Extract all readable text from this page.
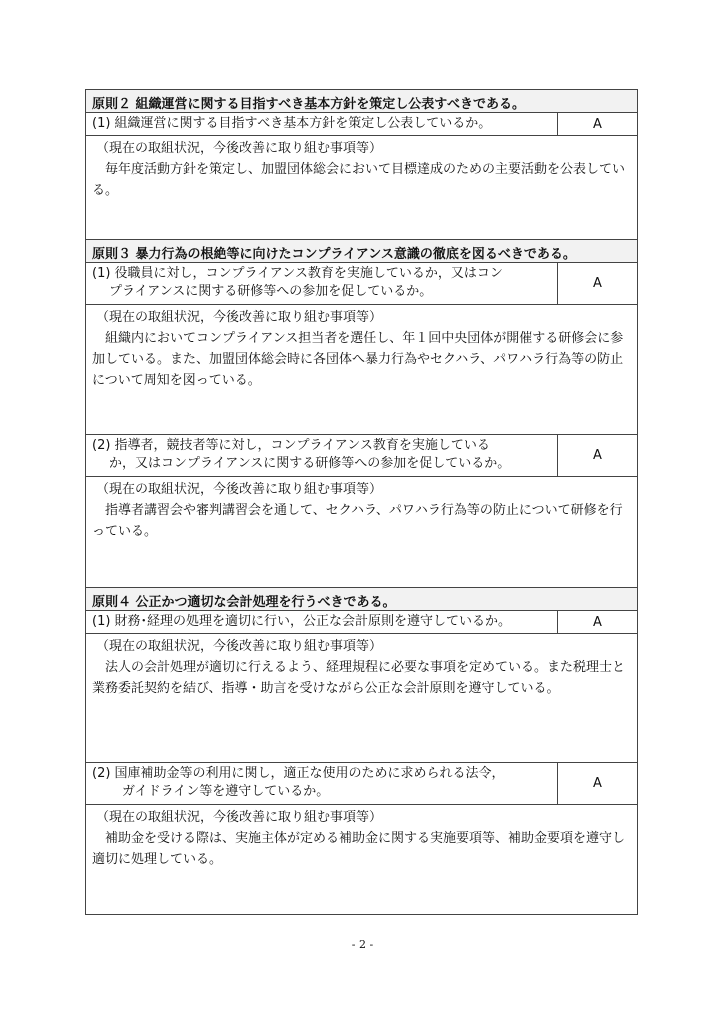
原則２ 組織運営に関する目指すべき基本方針を策定し公表すべきである。
(1) 組織運営に関する目指すべき基本方針を策定し公表しているか。	A
（現在の取組状況，今後改善に取り組む事項等）
毎年度活動方針を策定し、加盟団体総会において目標達成のための主要活動を公表している。
原則３ 暴力行為の根絶等に向けたコンプライアンス意識の徹底を図るべきである。
(1) 役職員に対し，コンプライアンス教育を実施しているか，又はコン
プライアンスに関する研修等への参加を促しているか。
A
（現在の取組状況，今後改善に取り組む事項等）
組織内においてコンプライアンス担当者を選任し、年１回中央団体が開催する研修会に参加している。また、加盟団体総会時に各団体へ暴力行為やセクハラ、パワハラ行為等の防止について周知を図っている。
(2) 指導者，競技者等に対し，コンプライアンス教育を実施している
か，又はコンプライアンスに関する研修等への参加を促しているか。
A
（現在の取組状況，今後改善に取り組む事項等）
指導者講習会や審判講習会を通して、セクハラ、パワハラ行為等の防止について研修を行っている。
原則４ 公正かつ適切な会計処理を行うべきである。
(1) 財務･経理の処理を適切に行い，公正な会計原則を遵守しているか。	A
（現在の取組状況，今後改善に取り組む事項等）
法人の会計処理が適切に行えるよう、経理規程に必要な事項を定めている。また税理士と業務委託契約を結び、指導・助言を受けながら公正な会計原則を遵守している。
(2) 国庫補助金等の利用に関し，適正な使用のために求められる法令，
ガイドライン等を遵守しているか。
A
（現在の取組状況，今後改善に取り組む事項等）
補助金を受ける際は、実施主体が定める補助金に関する実施要項等、補助金要項を遵守し適切に処理している。
- 2 -
